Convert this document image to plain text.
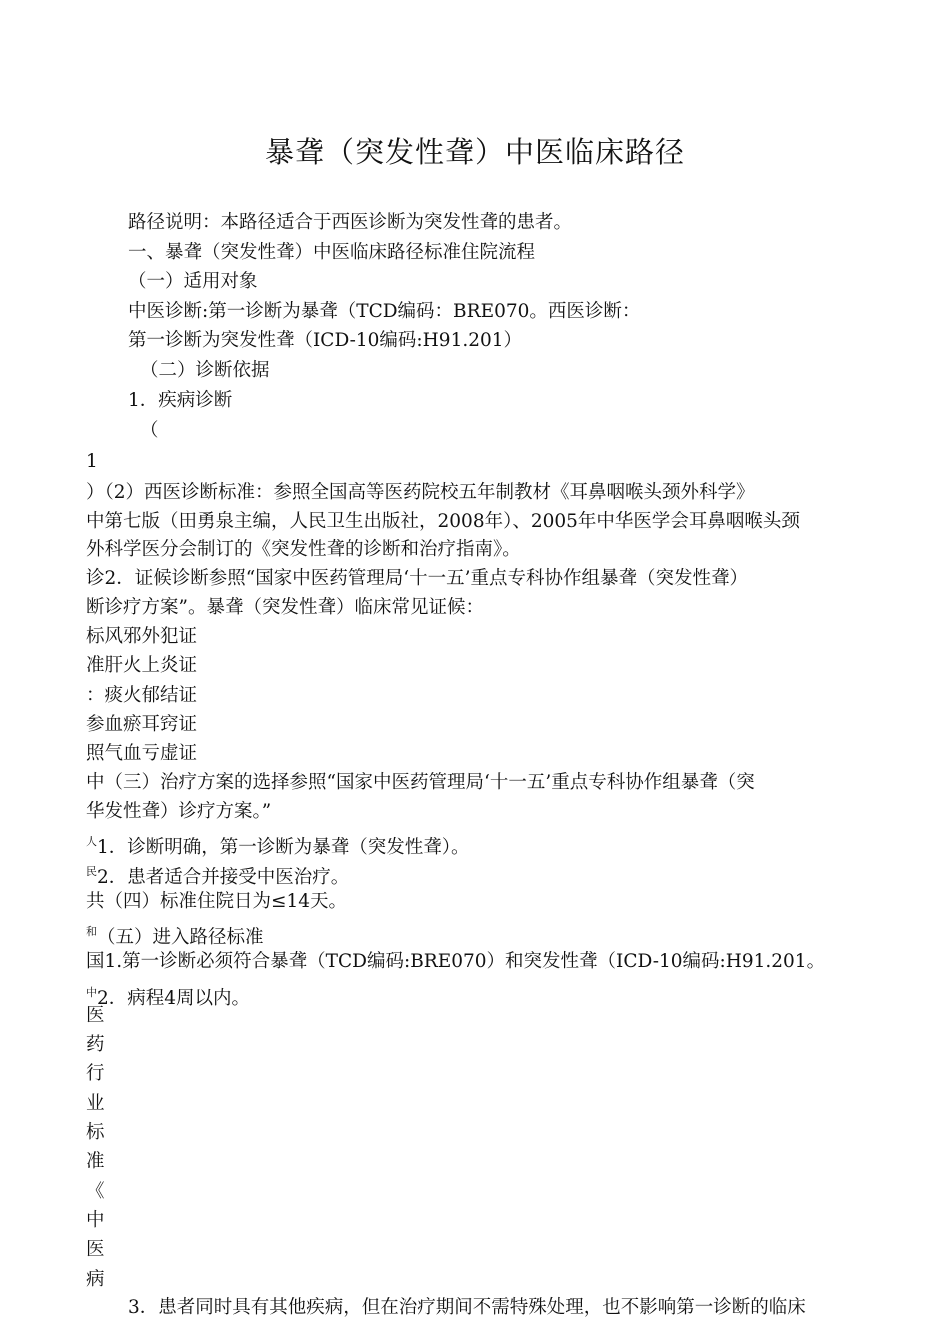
暴聋（突发性聋）中医临床路径
路径说明：本路径适合于西医诊断为突发性聋的患者。
一、暴聋（突发性聋）中医临床路径标准住院流程
（一）适用对象
中医诊断:第一诊断为暴聋（TCD编码：BRE070。西医诊断：
第一诊断为突发性聋（ICD-10编码:H91.201）
（二）诊断依据
1．疾病诊断
（
1
）（2）西医诊断标准：参照全国高等医药院校五年制教材《耳鼻咽喉头颈外科学》
中第七版（田勇泉主编，人民卫生出版社，2008年）、2005年中华医学会耳鼻咽喉头颈
外科学医分会制订的《突发性聋的诊断和治疗指南》。
诊2．证候诊断参照“国家中医药管理局‘十一五’重点专科协作组暴聋（突发性聋）
断诊疗方案”。暴聋（突发性聋）临床常见证候：
标风邪外犯证
准肝火上炎证
：痰火郁结证
参血瘀耳窍证
照气血亏虚证
中（三）治疗方案的选择参照“国家中医药管理局‘十一五’重点专科协作组暴聋（突
华发性聋）诊疗方案。”
$^人$1．诊断明确，第一诊断为暴聋（突发性聋）。
$^民$2．患者适合并接受中医治疗。
共（四）标准住院日为≤14天。
$^和$（五）进入路径标准
国1.第一诊断必须符合暴聋（TCD编码:BRE070）和突发性聋（ICD-10编码:H91.201。
$^中$2．病程4周以内。
医
药
行
业
标
准
《
中
医
病
3．患者同时具有其他疾病，但在治疗期间不需特殊处理，也不影响第一诊断的临床
